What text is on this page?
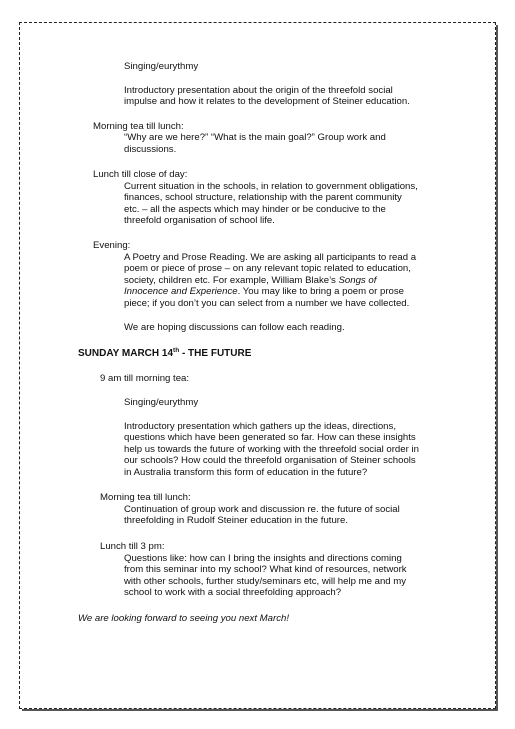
Singing/eurythmy

Introductory presentation about the origin of the threefold social

impulse and how it relates to the development of Steiner education.

Morning tea till lunch:

“Why are we here?” “What is the main goal?” Group work and

discussions.

Lunch till close of day:

Current situation in the schools, in relation to government obligations,

finances, school structure, relationship with the parent community

etc. – all the aspects which may hinder or be conducive to the

threefold organisation of school life.

Evening:

A Poetry and Prose Reading. We are asking all participants to read a

poem or piece of prose – on any relevant topic related to education,

society, children etc. For example, William Blake’s Songs of

Innocence and Experience. You may like to bring a poem or prose

piece; if you don’t you can select from a number we have collected.

We are hoping discussions can follow each reading.

SUNDAY MARCH 14th - THE FUTURE

9 am till morning tea:

Singing/eurythmy

Introductory presentation which gathers up the ideas, directions,

questions which have been generated so far. How can these insights

help us towards the future of working with the threefold social order in

our schools? How could the threefold organisation of Steiner schools

in Australia transform this form of education in the future?

Morning tea till lunch:

Continuation of group work and discussion re. the future of social

threefolding in Rudolf Steiner education in the future.

Lunch till 3 pm:

Questions like: how can I bring the insights and directions coming

from this seminar into my school? What kind of resources, network

with other schools, further study/seminars etc, will help me and my

school to work with a social threefolding approach?

We are looking forward to seeing you next March!
